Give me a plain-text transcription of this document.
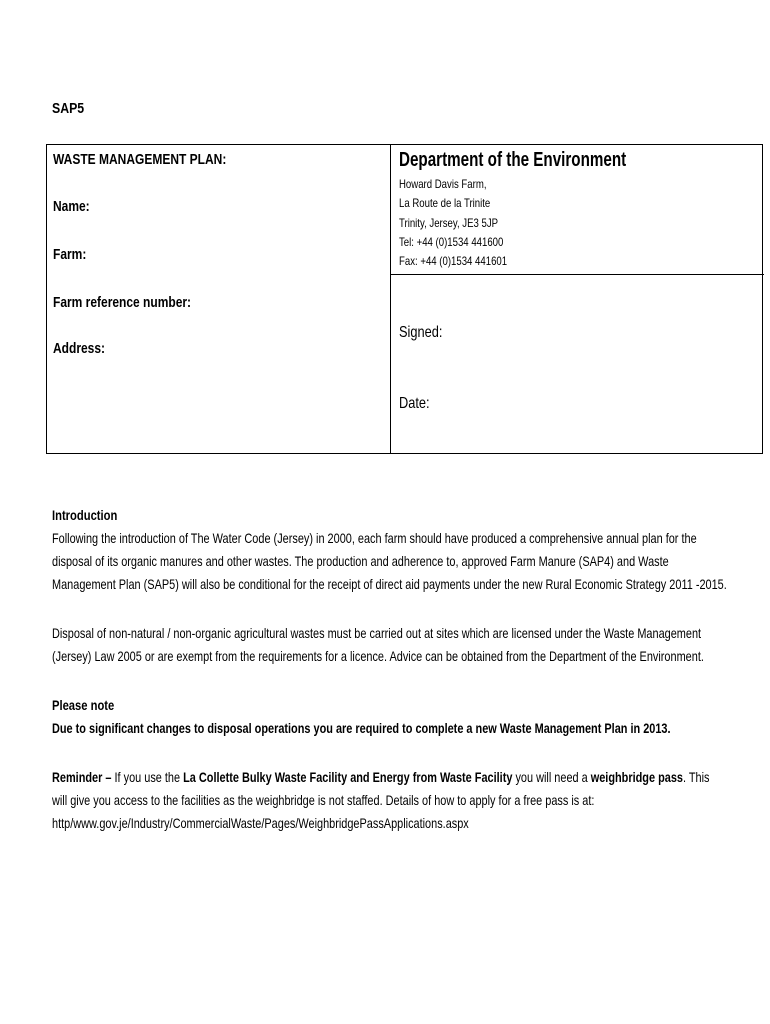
SAP5
WASTE MANAGEMENT PLAN:
Name:
Farm:
Farm reference number:
Address:
Department of the Environment
Howard Davis Farm,
La Route de la Trinite
Trinity, Jersey, JE3 5JP
Tel: +44 (0)1534 441600
Fax: +44 (0)1534 441601
Signed:
Date:

Introduction

Following the introduction of The Water Code (Jersey) in 2000, each farm should have produced a comprehensive annual plan for the

disposal of its organic manures and other wastes. The production and adherence to, approved Farm Manure (SAP4) and Waste

Management Plan (SAP5) will also be conditional for the receipt of direct aid payments under the new Rural Economic Strategy 2011 -2015.

Disposal of non-natural / non-organic agricultural wastes must be carried out at sites which are licensed under the Waste Management

(Jersey) Law 2005 or are exempt from the requirements for a licence. Advice can be obtained from the Department of the Environment.

Please note

Due to significant changes to disposal operations you are required to complete a new Waste Management Plan in 2013.

Reminder – If you use the La Collette Bulky Waste Facility and Energy from Waste Facility you will need a weighbridge pass. This

will give you access to the facilities as the weighbridge is not staffed. Details of how to apply for a free pass is at:

http/www.gov.je/Industry/CommercialWaste/Pages/WeighbridgePassApplications.aspx
